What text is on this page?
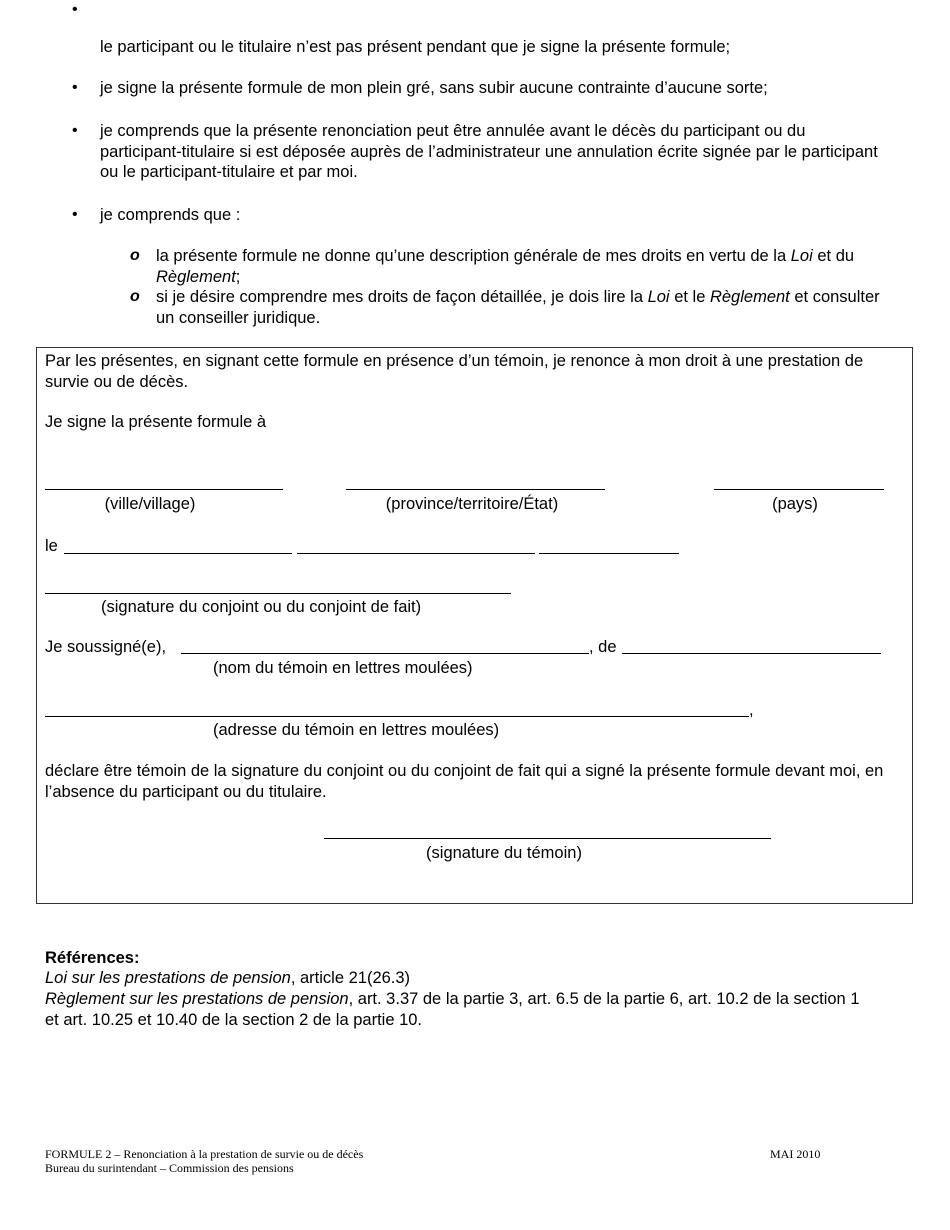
•
le participant ou le titulaire n’est pas présent pendant que je signe la présente formule;
• je signe la présente formule de mon plein gré, sans subir aucune contrainte d’aucune sorte;
• je comprends que la présente renonciation peut être annulée avant le décès du participant ou du participant-titulaire si est déposée auprès de l’administrateur une annulation écrite signée par le participant ou le participant-titulaire et par moi.
• je comprends que :
o la présente formule ne donne qu’une description générale de mes droits en vertu de la Loi et du Règlement;
o si je désire comprendre mes droits de façon détaillée, je dois lire la Loi et le Règlement et consulter un conseiller juridique.
Par les présentes, en signant cette formule en présence d’un témoin, je renonce à mon droit à une prestation de survie ou de décès.
Je signe la présente formule à
(ville/village)	(province/territoire/État)	(pays)
le
(signature du conjoint ou du conjoint de fait)
Je soussigné(e),	, de
(nom du témoin en lettres moulées)
,
(adresse du témoin en lettres moulées)
déclare être témoin de la signature du conjoint ou du conjoint de fait qui a signé la présente formule devant moi, en l’absence du participant ou du titulaire.
(signature du témoin)
Références:
Loi sur les prestations de pension, article 21(26.3)
Règlement sur les prestations de pension, art. 3.37 de la partie 3, art. 6.5 de la partie 6, art. 10.2 de la section 1 et art. 10.25 et 10.40 de la section 2 de la partie 10.
FORMULE 2 – Renonciation à la prestation de survie ou de décès
Bureau du surintendant – Commission des pensions
MAI 2010
